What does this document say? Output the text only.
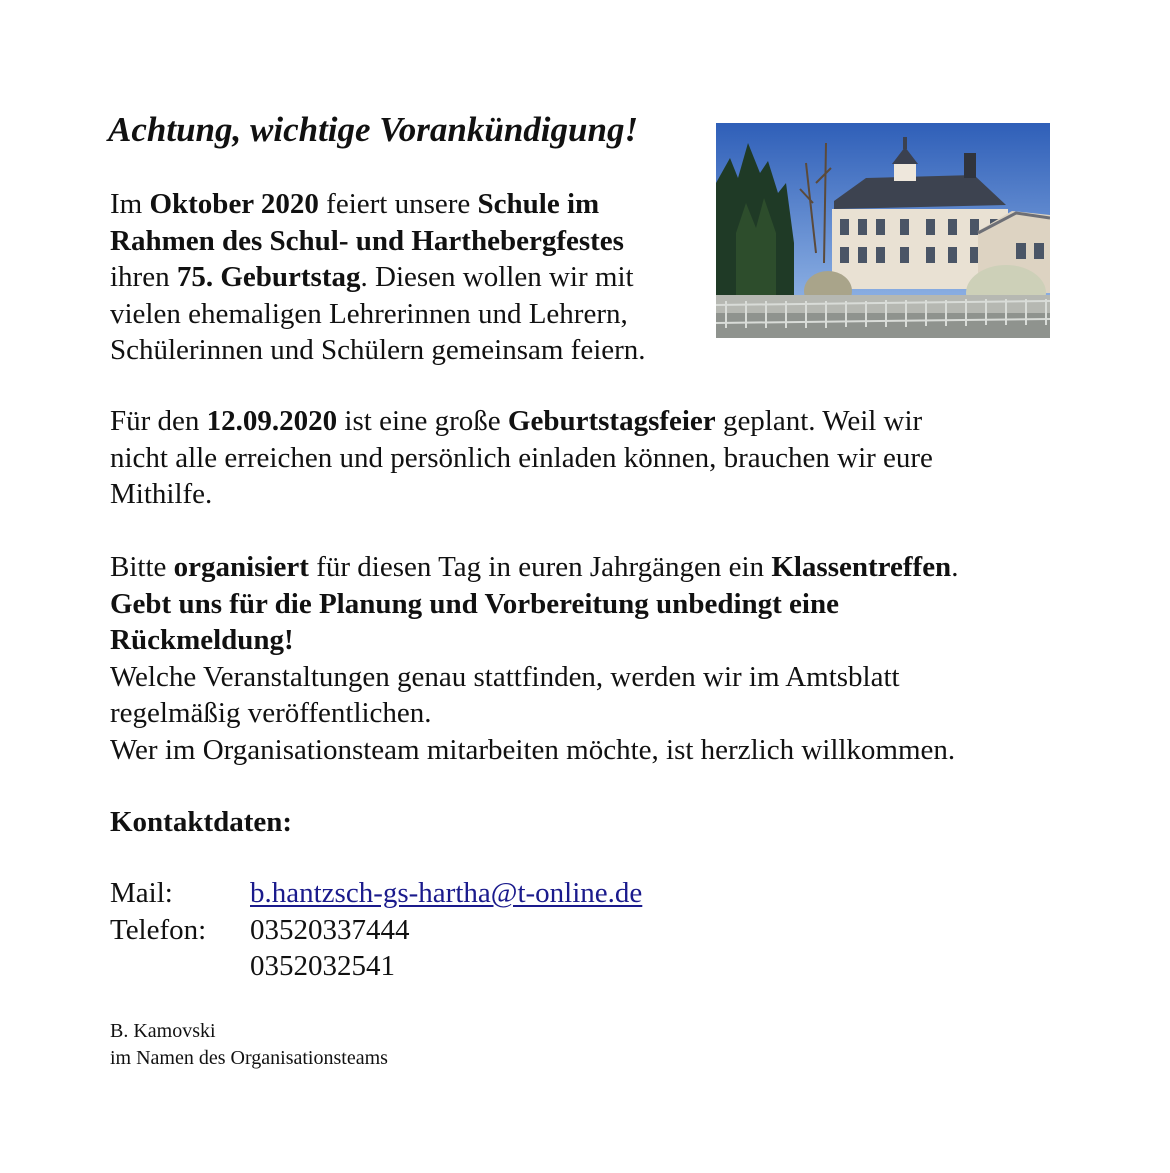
Achtung, wichtige Vorankündigung!
Im Oktober 2020 feiert unsere Schule im
Rahmen des Schul- und Harthebergfestes
ihren 75. Geburtstag. Diesen wollen wir mit
vielen ehemaligen Lehrerinnen und Lehrern,
Schülerinnen und Schülern gemeinsam feiern.
Für den 12.09.2020 ist eine große Geburtstagsfeier geplant. Weil wir
nicht alle erreichen und persönlich einladen können, brauchen wir eure
Mithilfe.
Bitte organisiert für diesen Tag in euren Jahrgängen ein Klassentreffen.
Gebt uns für die Planung und Vorbereitung unbedingt eine
Rückmeldung!
Welche Veranstaltungen genau stattfinden, werden wir im Amtsblatt
regelmäßig veröffentlichen.
Wer im Organisationsteam mitarbeiten möchte, ist herzlich willkommen.
Kontaktdaten:
Mail:	b.hantzsch-gs-hartha@t-online.de
Telefon:	03520337444
0352032541
B. Kamovski
im Namen des Organisationsteams
